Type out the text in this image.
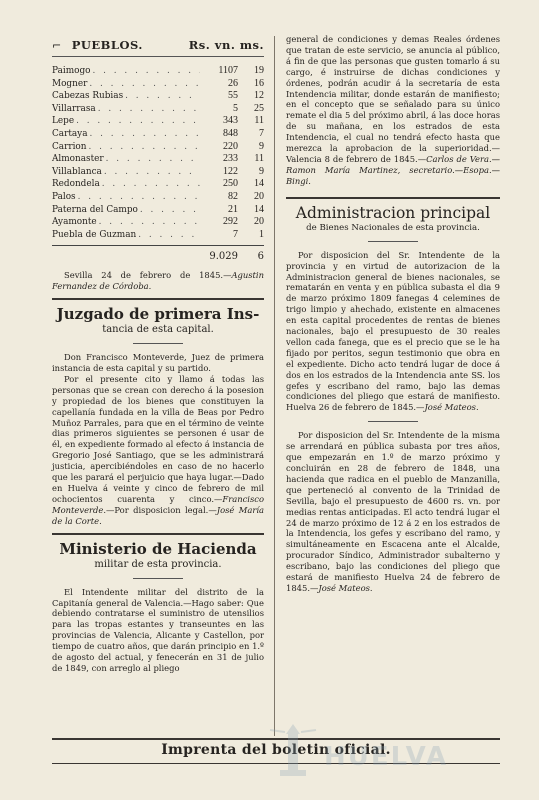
⌐ PUEBLOS.	Rs. vn. ms.
Paimogo . . .	1107	19
Mogner . . .	26	16
Cabezas Rubias . . .	55	12
Villarrasa . . .	5	25
Lepe . . .	343	11
Cartaya . . .	848	7
Carrion . . .	220	9
Almonaster . . .	233	11
Villablanca . . .	122	9
Redondela . . .	250	14
Palos . . .	82	20
Paterna del Campo . . .	21	14
Ayamonte . . .	292	20
Puebla de Guzman . . .	7	1
9.029	6

Sevilla 24 de febrero de 1845.—Agustin Fernandez de Córdoba.

Juzgado de primera Ins-
tancia de esta capital.

Don Francisco Monteverde, Juez de primera instancia de esta capital y su partido.

Por el presente cito y llamo á todas las personas que se crean con derecho á la posesion y propiedad de los bienes que constituyen la capellanía fundada en la villa de Beas por Pedro Muñoz Parrales, para que en el término de veinte dias primeros siguientes se personen é usar de él, en expediente formado al efecto á instancia de Gregorio José Santiago, que se les administrará justicia, apercibiéndoles en caso de no hacerlo que les parará el perjuicio que haya lugar.—Dado en Huelva á veinte y cinco de febrero de mil ochocientos cuarenta y cinco.—Francisco Monteverde.—Por disposicion legal.—José María de la Corte.

Ministerio de Hacienda
militar de esta provincia.

El Intendente militar del distrito de la Capitanía general de Valencia.—Hago saber: Que debiendo contratarse el suministro de utensilios para las tropas estantes y transeuntes en las provincias de Valencia, Alicante y Castellon, por tiempo de cuatro años, que darán principio en 1.º de agosto del actual, y fenecerán en 31 de julio de 1849, con arreglo al pliego

general de condiciones y demas Reales órdenes que tratan de este servicio, se anuncia al público, á fin de que las personas que gusten tomarlo á su cargo, é instruirse de dichas condiciones y órdenes, podrán acudir á la secretaría de esta Intendencia militar, donde estarán de manifiesto; en el concepto que se señalado para su único remate el dia 5 del próximo abril, á las doce horas de su mañana, en los estrados de esta Intendencia, el cual no tendrá efecto hasta que merezca la aprobacion de la superioridad.—Valencia 8 de febrero de 1845.—Carlos de Vera.—Ramon María Martinez, secretario.—Esopa.—Bingi.

Administracion principal
de Bienes Nacionales de esta provincia.

Por disposicion del Sr. Intendente de la provincia y en virtud de autorizacion de la Administracion general de bienes nacionales, se rematarán en venta y en pública subasta el dia 9 de marzo próximo 1809 fanegas 4 celemines de trigo limpio y ahechado, existente en almacenes en esta capital procedentes de rentas de bienes nacionales, bajo el presupuesto de 30 reales vellon cada fanega, que es el precio que se le ha fijado por peritos, segun testimonio que obra en el expediente. Dicho acto tendrá lugar de doce á dos en los estrados de la Intendencia ante SS. los gefes y escribano del ramo, bajo las demas condiciones del pliego que estará de manifiesto. Huelva 26 de febrero de 1845.—José Mateos.

Por disposicion del Sr. Intendente de la misma se arrendará en pública subasta por tres años, que empezarán en 1.º de marzo próximo y concluirán en 28 de febrero de 1848, una hacienda que radica en el pueblo de Manzanilla, que perteneció al convento de la Trinidad de Sevilla, bajo el presupuesto de 4600 rs. vn. por medias rentas anticipadas. El acto tendrá lugar el 24 de marzo próximo de 12 á 2 en los estrados de la Intendencia, los gefes y escribano del ramo, y simultáneamente en Escacena ante el Alcalde, procurador Síndico, Administrador subalterno y escribano, bajo las condiciones del pliego que estará de manifiesto Huelva 24 de febrero de 1845.—José Mateos.

Imprenta del boletin oficial.
HUELVA
